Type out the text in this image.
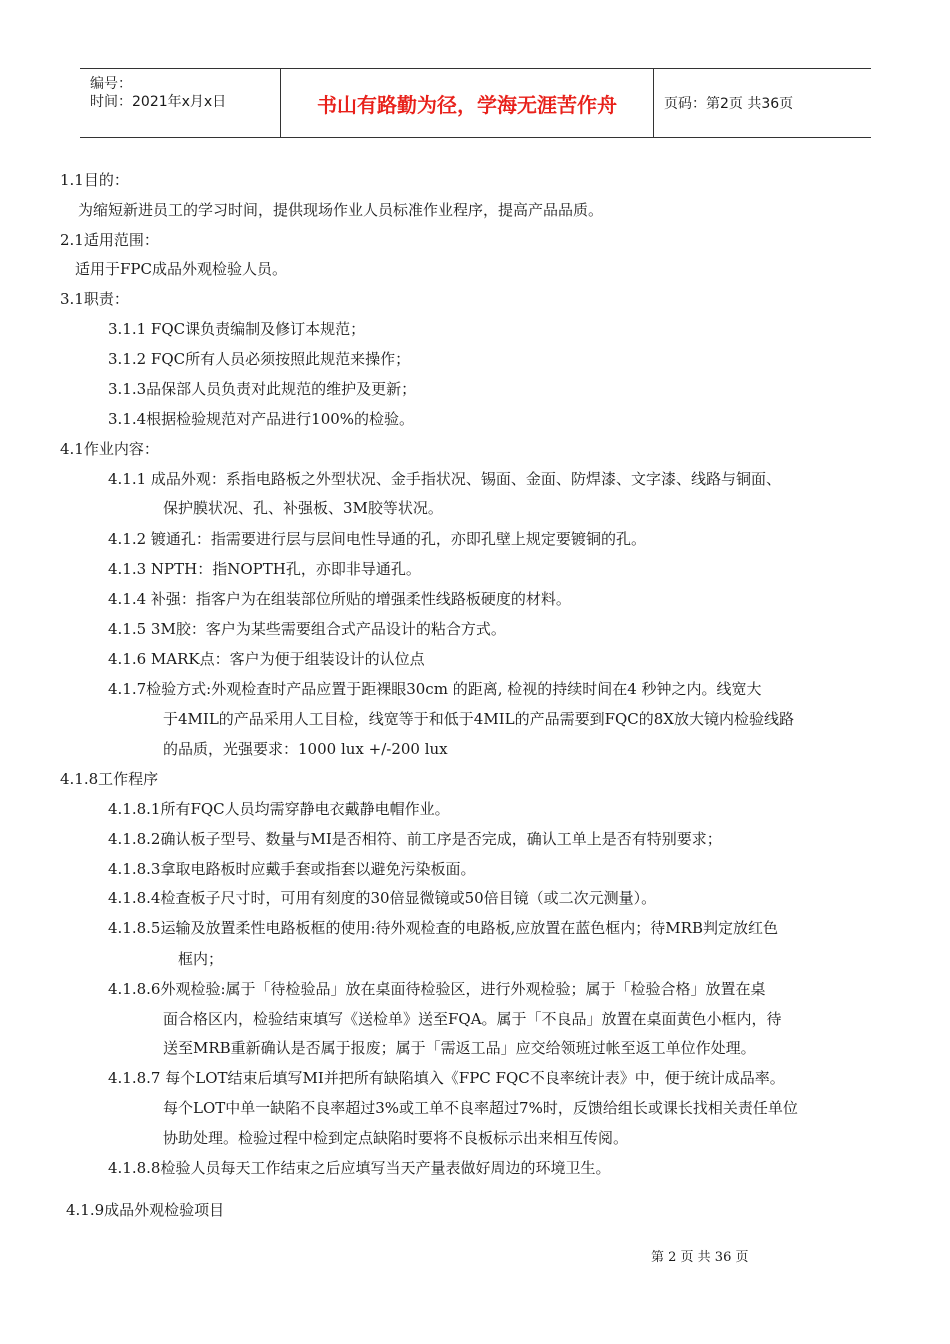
编号：
时间：2021年x月x日	书山有路勤为径，学海无涯苦作舟	页码：第2页 共36页
1.1目的：
为缩短新进员工的学习时间，提供现场作业人员标准作业程序，提高产品品质。
2.1适用范围：
适用于FPC成品外观检验人员。
3.1职责：
3.1.1 FQC课负责编制及修订本规范；
3.1.2 FQC所有人员必须按照此规范来操作；
3.1.3品保部人员负责对此规范的维护及更新；
3.1.4根据检验规范对产品进行100%的检验。
4.1作业内容：
4.1.1 成品外观：系指电路板之外型状况、金手指状况、锡面、金面、防焊漆、文字漆、线路与铜面、
保护膜状况、孔、补强板、3M胶等状况。
4.1.2 镀通孔：指需要进行层与层间电性导通的孔，亦即孔壁上规定要镀铜的孔。
4.1.3 NPTH：指NOPTH孔，亦即非导通孔。
4.1.4 补强：指客户为在组装部位所贴的增强柔性线路板硬度的材料。
4.1.5 3M胶：客户为某些需要组合式产品设计的粘合方式。
4.1.6 MARK点：客户为便于组装设计的认位点
4.1.7检验方式:外观检查时产品应置于距裸眼30cm 的距离, 检视的持续时间在4 秒钟之内。线宽大
于4MIL的产品采用人工目检，线宽等于和低于4MIL的产品需要到FQC的8X放大镜内检验线路
的品质，光强要求：1000 lux +/-200 lux
4.1.8工作程序
4.1.8.1所有FQC人员均需穿静电衣戴静电帽作业。
4.1.8.2确认板子型号、数量与MI是否相符、前工序是否完成，确认工单上是否有特别要求；
4.1.8.3拿取电路板时应戴手套或指套以避免污染板面。
4.1.8.4检查板子尺寸时，可用有刻度的30倍显微镜或50倍目镜（或二次元测量）。
4.1.8.5运输及放置柔性电路板框的使用:待外观检查的电路板,应放置在蓝色框内；待MRB判定放红色
框内；
4.1.8.6外观检验:属于「待检验品」放在桌面待检验区，进行外观检验；属于「检验合格」放置在桌
面合格区内，检验结束填写《送检单》送至FQA。属于「不良品」放置在桌面黄色小框内，待
送至MRB重新确认是否属于报废；属于「需返工品」应交给领班过帐至返工单位作处理。
4.1.8.7 每个LOT结束后填写MI并把所有缺陷填入《FPC FQC不良率统计表》中，便于统计成品率。
每个LOT中单一缺陷不良率超过3%或工单不良率超过7%时，反馈给组长或课长找相关责任单位
协助处理。检验过程中检到定点缺陷时要将不良板标示出来相互传阅。
4.1.8.8检验人员每天工作结束之后应填写当天产量表做好周边的环境卫生。
4.1.9成品外观检验项目
第 2 页 共 36 页
